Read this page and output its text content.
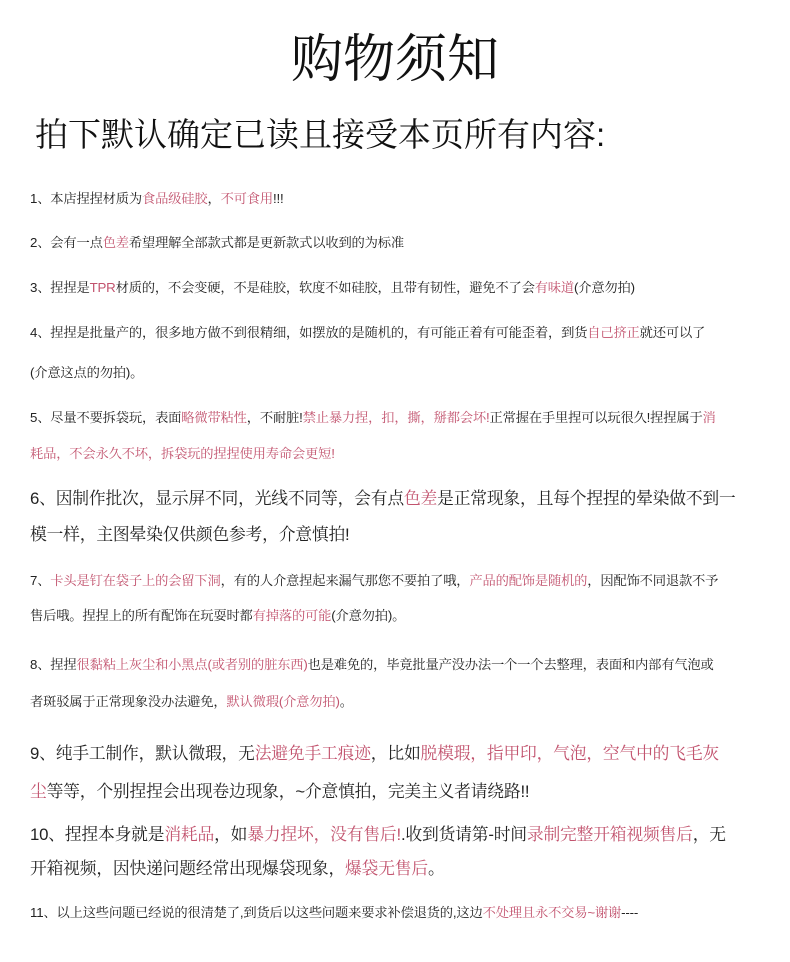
购物须知
拍下默认确定已读且接受本页所有内容:
1、本店捏捏材质为食品级硅胶，不可食用!!!
2、会有一点色差希望理解全部款式都是更新款式以收到的为标准
3、捏捏是TPR材质的，不会变硬，不是硅胶，软度不如硅胶，且带有韧性，避免不了会有味道(介意勿拍)
4、捏捏是批量产的，很多地方做不到很精细，如摆放的是随机的，有可能正着有可能歪着，到货自己挤正就还可以了
(介意这点的勿拍)。
5、尽量不要拆袋玩，表面略微带粘性，不耐脏!禁止暴力捏，扣，撕，掰都会坏!正常握在手里捏可以玩很久!捏捏属于消
耗品，不会永久不坏，拆袋玩的捏捏使用寿命会更短!
6、因制作批次，显示屏不同，光线不同等，会有点色差是正常现象，且每个捏捏的晕染做不到一
模一样，主图晕染仅供颜色参考，介意慎拍!
7、卡头是钉在袋子上的会留下洞，有的人介意捏起来漏气那您不要拍了哦，产品的配饰是随机的，因配饰不同退款不予
售后哦。捏捏上的所有配饰在玩耍时都有掉落的可能(介意勿拍)。
8、捏捏很黏粘上灰尘和小黑点(或者别的脏东西)也是难免的，毕竟批量产没办法一个一个去整理，表面和内部有气泡或
者斑驳属于正常现象没办法避免，默认微瑕(介意勿拍)。
9、纯手工制作，默认微瑕，无法避免手工痕迹，比如脱模瑕，指甲印，气泡，空气中的飞毛灰
尘等等，个别捏捏会出现卷边现象，~介意慎拍，完美主义者请绕路!!
10、捏捏本身就是消耗品，如暴力捏坏，没有售后!.收到货请第-时间录制完整开箱视频售后，无
开箱视频，因快递问题经常出现爆袋现象，爆袋无售后。
11、以上这些问题已经说的很清楚了,到货后以这些问题来要求补偿退货的,这边不处理且永不交易~谢谢----
